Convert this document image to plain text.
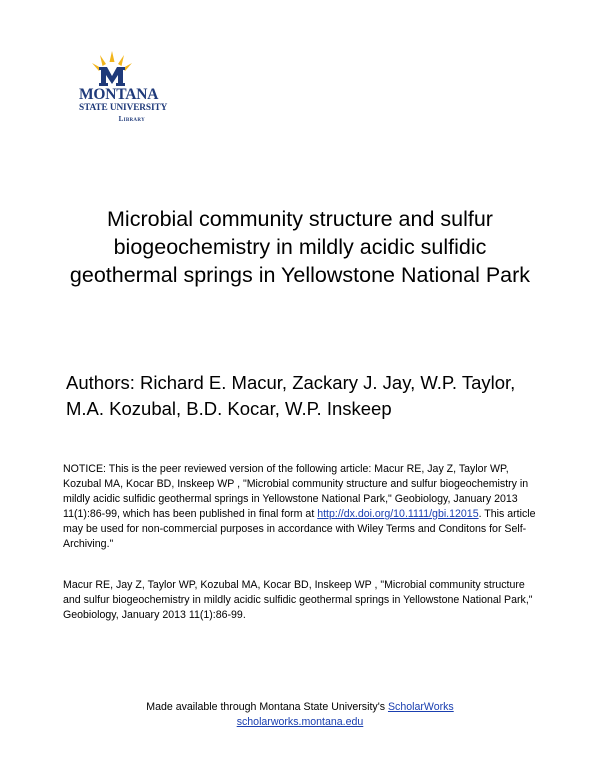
MONTANA
STATE UNIVERSITY
Library
Microbial community structure and sulfur biogeochemistry in mildly acidic sulfidic geothermal springs in Yellowstone National Park

Authors: Richard E. Macur, Zackary J. Jay, W.P. Taylor, M.A. Kozubal, B.D. Kocar, W.P. Inskeep

NOTICE: This is the peer reviewed version of the following article: Macur RE, Jay Z, Taylor WP, Kozubal MA, Kocar BD, Inskeep WP , "Microbial community structure and sulfur biogeochemistry in mildly acidic sulfidic geothermal springs in Yellowstone National Park," Geobiology, January 2013 11(1):86-99, which has been published in final form at http://dx.doi.org/10.1111/gbi.12015. This article may be used for non-commercial purposes in accordance with Wiley Terms and Conditons for Self-Archiving."

Macur RE, Jay Z, Taylor WP, Kozubal MA, Kocar BD, Inskeep WP , "Microbial community structure and sulfur biogeochemistry in mildly acidic sulfidic geothermal springs in Yellowstone National Park," Geobiology, January 2013 11(1):86-99.

Made available through Montana State University's ScholarWorks
scholarworks.montana.edu
